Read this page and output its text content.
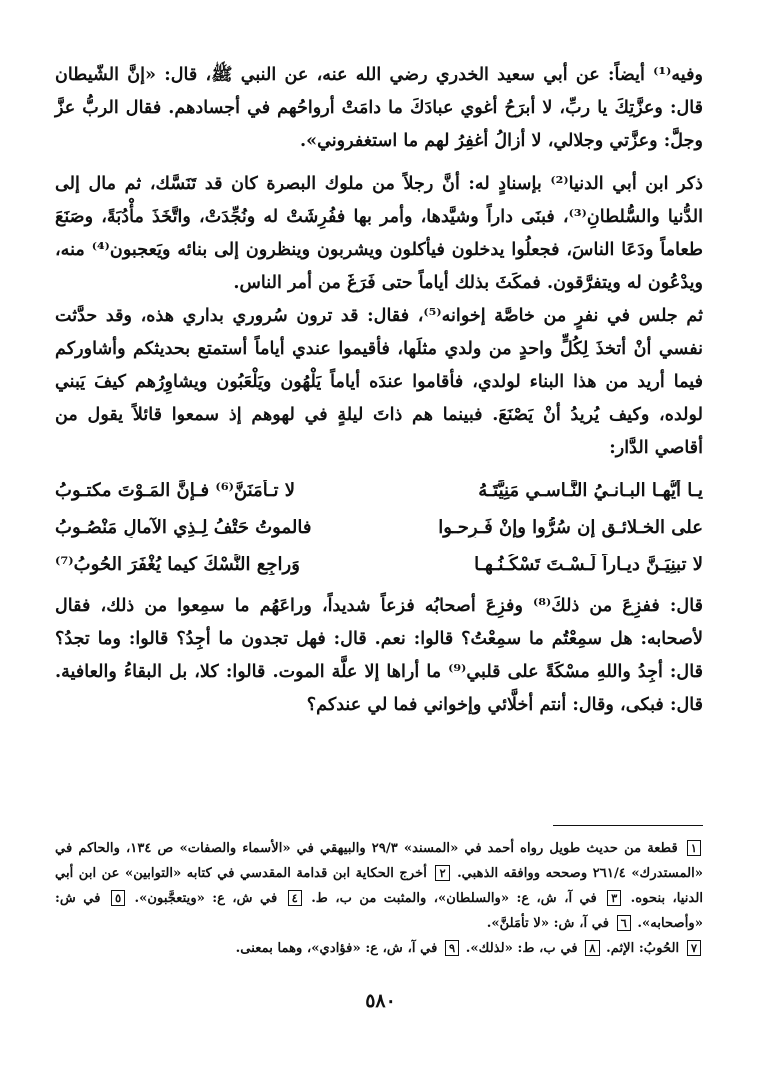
وفيه⁽¹⁾ أيضاً: عن أبي سعيد الخدري رضي الله عنه، عن النبي ﷺ، قال: «إنَّ الشّيطان قال: وعزَّتِكَ يا ربِّ، لا أبرَحُ أغوي عبادَكَ ما دامَتْ أرواحُهم في أجسادهم. فقال الربُّ عزَّ وجلَّ: وعزَّتي وجلالي، لا أزالُ أغفِرُ لهم ما استغفروني».

ذكر ابن أبي الدنيا⁽²⁾ بإسنادٍ له: أنَّ رجلاً من ملوك البصرة كان قد تَنَسَّك، ثم مال إلى الدُّنيا والسُّلطانِ⁽³⁾، فبنَى داراً وشيَّدها، وأمر بها ففُرِشَتْ له ونُجِّدَتْ، واتَّخَذَ مأْدُبَةً، وصَنَعَ طعاماً ودَعَا الناسَ، فجعلُوا يدخلون فيأكلون ويشربون وينظرون إلى بنائه ويَعجبون⁽⁴⁾ منه، ويدْعُون له ويتفرَّقون. فمكَثَ بذلك أياماً حتى فَرَغَ من أمر الناس.

ثم جلس في نفرٍ من خاصَّة إخوانه⁽⁵⁾، فقال: قد ترون سُروري بداري هذه، وقد حدَّثت نفسي أنْ أتخذَ لِكُلٍّ واحدٍ من ولدي مثلَها، فأقيموا عندي أياماً أستمتع بحديثكم وأشاوركم فيما أريد من هذا البناء لولدي، فأقاموا عندَه أياماً يَلْهُون ويَلْعَبُون ويشاوِرُهم كيفَ يَبني لولده، وكيف يُريدُ أنْ يَصْنَعَ. فبينما هم ذاتَ ليلةٍ في لهوهم إذ سمعوا قائلاً يقول من أقاصي الدَّار:

يـا أيُّهـا البـانـيُ النَّـاسـي مَنِيَّتَـهُ
لا تـأمَنَنَّ⁽⁶⁾ فـإنَّ المَـوْتَ مكتـوبُ
على الخـلائـق إن سُرُّوا وإنْ فَـرِحـوا
فالموتُ حَتْفُ لِـذِي الآمالِ مَنْصُـوبُ
لا تبنِيَـنَّ ديـاراً لَـسْـتَ تَسْكُـنُـهـا
وَراجِعِ النُّسْكَ كيما يُغْفَرَ الحُوبُ⁽⁷⁾

قال: ففزِعَ من ذلكَ⁽⁸⁾ وفزِعَ أصحابُه فزعاً شديداً، وراعَهُم ما سمِعوا من ذلك، فقال لأصحابه: هل سمِعْتُم ما سمِعْتُ؟ قالوا: نعم. قال: فهل تجدون ما أجِدُ؟ قالوا: وما تجدُ؟ قال: أجِدُ واللهِ مسْكَةً على قلبي⁽⁹⁾ ما أراها إلا علَّة الموت. قالوا: كلا، بل البقاءُ والعافية. قال: فبكى، وقال: أنتم أخلَّائي وإخواني فما لي عندكم؟

١ قطعة من حديث طويل رواه أحمد في «المسند» ٢٩/٣ والبيهقي في «الأسماء والصفات» ص ١٣٤، والحاكم في «المستدرك» ٢٦١/٤ وصححه ووافقه الذهبي. ٢ أخرج الحكاية ابن قدامة المقدسي في كتابه «التوابين» عن ابن أبي الدنيا، بنحوه. ٣ في آ، ش، ع: «والسلطان»، والمثبت من ب، ط. ٤ في ش، ع: «ويتعجَّبون». ٥ في ش: «وأصحابه». ٦ في آ، ش: «لا تأمَلنَّ».
٧ الحُوبُ: الإثم. ٨ في ب، ط: «لذلك». ٩ في آ، ش، ع: «فؤادي»، وهما بمعنى.
٥٨٠
